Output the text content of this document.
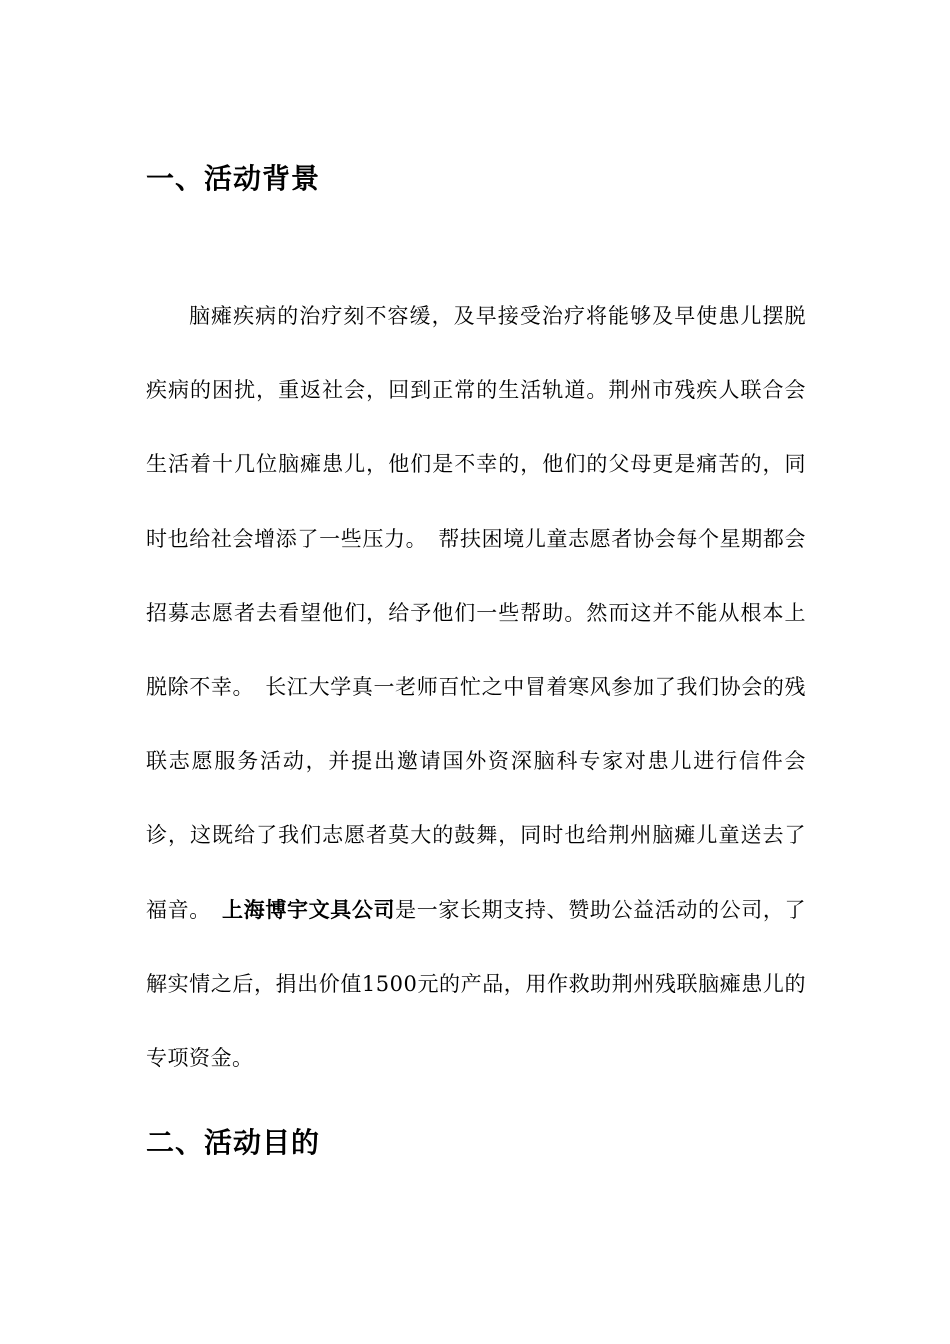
一、活动背景

脑瘫疾病的治疗刻不容缓，及早接受治疗将能够及早使患儿摆脱疾病的困扰，重返社会，回到正常的生活轨道。荆州市残疾人联合会生活着十几位脑瘫患儿，他们是不幸的，他们的父母更是痛苦的，同时也给社会增添了一些压力。　帮扶困境儿童志愿者协会每个星期都会招募志愿者去看望他们，给予他们一些帮助。然而这并不能从根本上脱除不幸。　长江大学真一老师百忙之中冒着寒风参加了我们协会的残联志愿服务活动，并提出邀请国外资深脑科专家对患儿进行信件会诊，这既给了我们志愿者莫大的鼓舞，同时也给荆州脑瘫儿童送去了福音。　上海博宇文具公司是一家长期支持、赞助公益活动的公司，了解实情之后，捐出价值1500元的产品，用作救助荆州残联脑瘫患儿的专项资金。

二、活动目的
